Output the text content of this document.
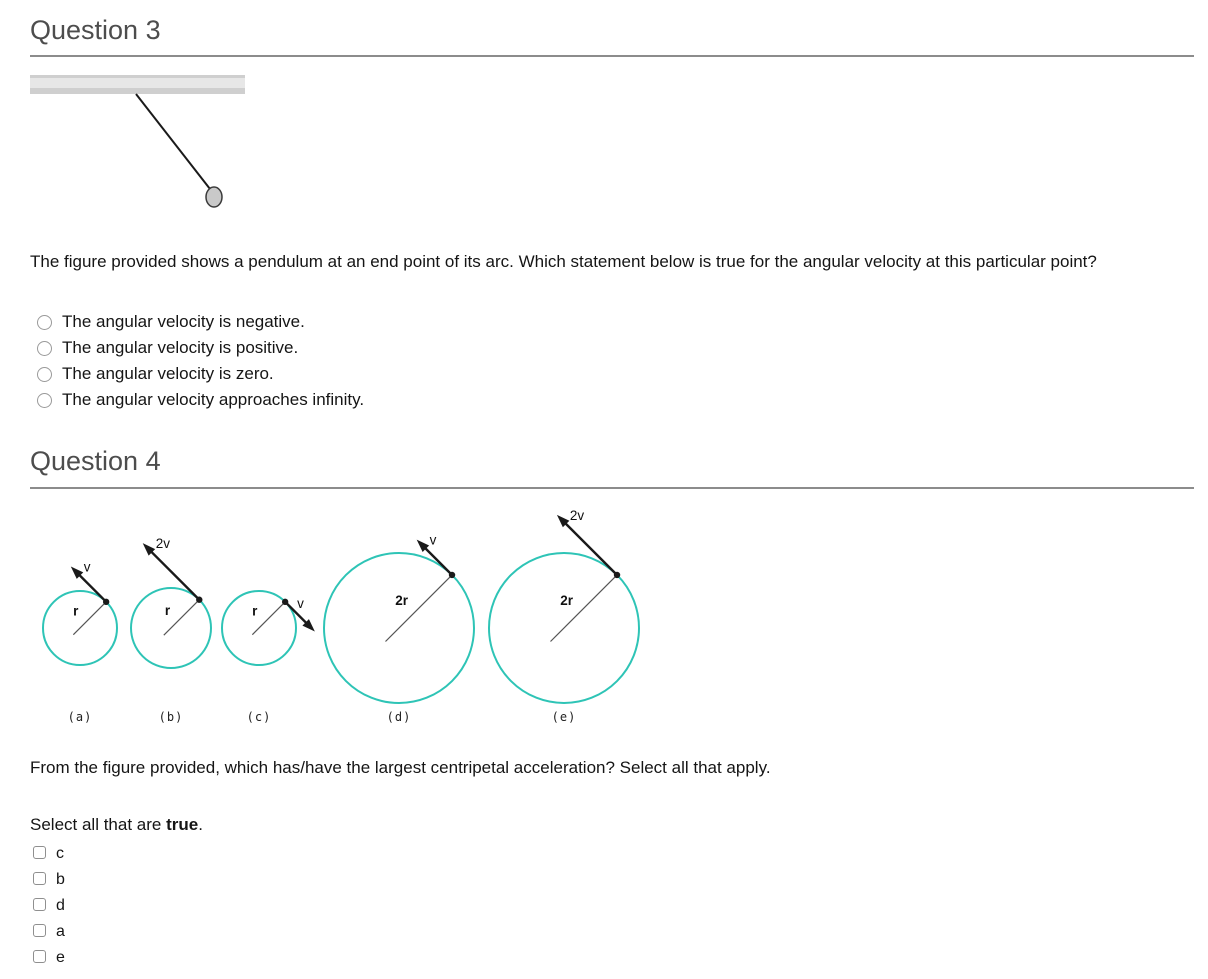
Question 3

The figure provided shows a pendulum at an end point of its arc. Which statement below is true for the angular velocity at this particular point?

The angular velocity is negative.
The angular velocity is positive.
The angular velocity is zero.
The angular velocity approaches infinity.
Question 4
v
r
(a)
2v
r
(b)
v
r
(c)
v
2r
(d)
2v
2r
(e)

From the figure provided, which has/have the largest centripetal acceleration? Select all that apply.

Select all that are true.

c
b
d
a
e
